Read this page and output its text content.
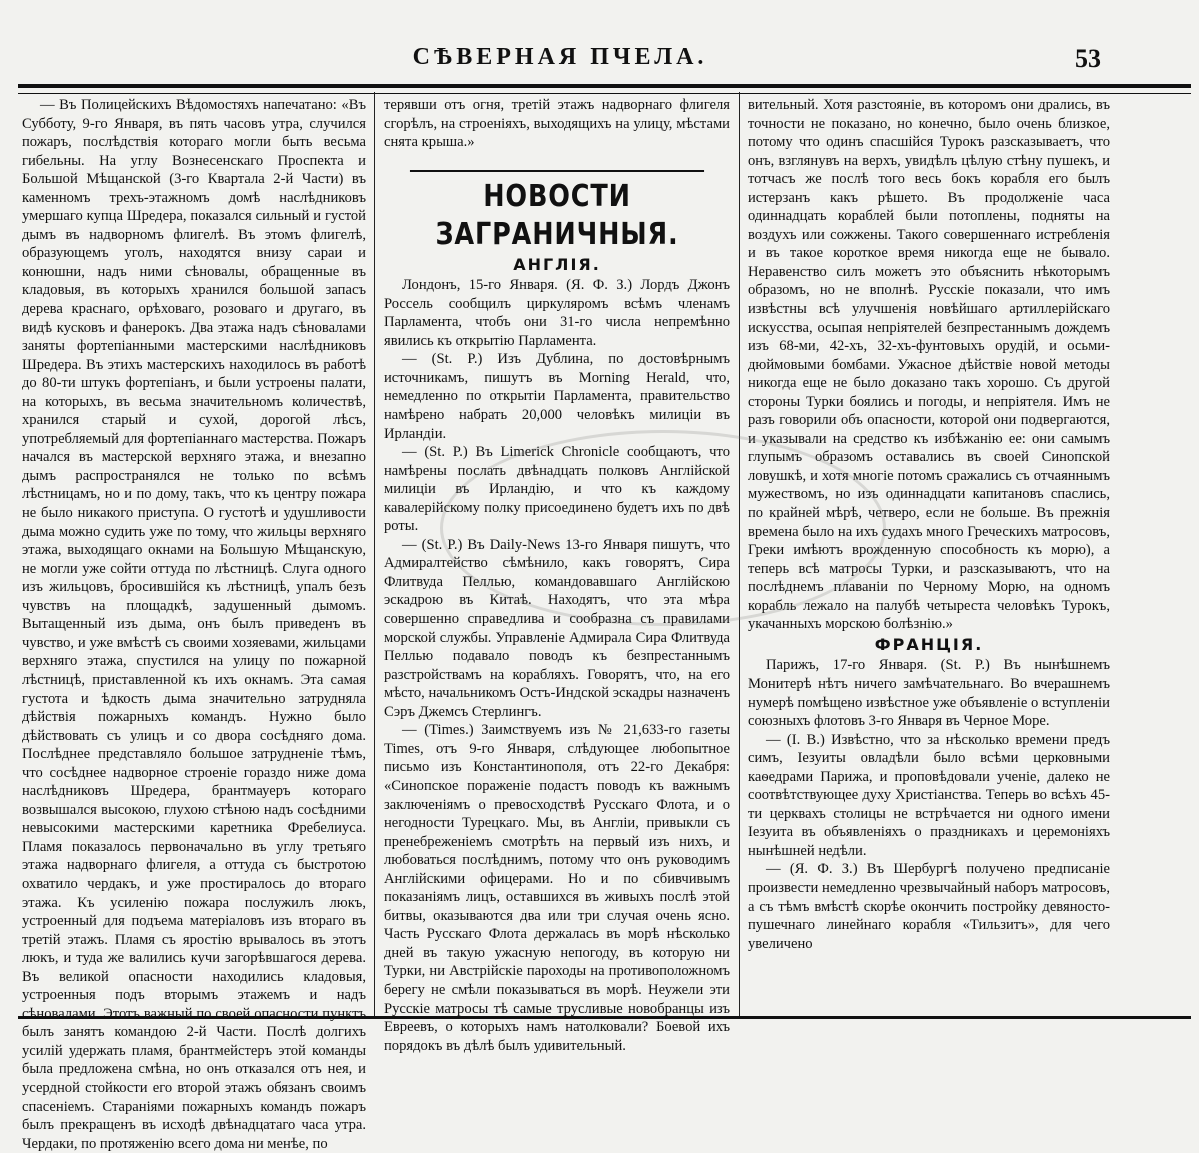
СѢВЕРНАЯ ПЧЕЛА.	53

— Въ Полицейскихъ Вѣдомостяхъ напечатано: «Въ Субботу, 9-го Января, въ пять часовъ утра, случился пожаръ, послѣдствія котораго могли быть весьма гибельны. На углу Вознесенскаго Проспекта и Большой Мѣщанской (3-го Квартала 2-й Части) въ каменномъ трехъ-этажномъ домѣ наслѣдниковъ умершаго купца Шредера, показался сильный и густой дымъ въ надворномъ флигелѣ. Въ этомъ флигелѣ, образующемъ уголъ, находятся внизу сараи и конюшни, надъ ними сѣновалы, обращенные въ кладовыя, въ которыхъ хранился большой запасъ дерева краснаго, орѣховаго, розоваго и другаго, въ видѣ кусковъ и фанерокъ. Два этажа надъ сѣновалами заняты фортепіанными мастерскими наслѣдниковъ Шредера. Въ этихъ мастерскихъ находилось въ работѣ до 80-ти штукъ фортепіанъ, и были устроены палати, на которыхъ, въ весьма значительномъ количествѣ, хранился старый и сухой, дорогой лѣсъ, употребляемый для фортепіаннаго мастерства. Пожаръ начался въ мастерской верхняго этажа, и внезапно дымъ распространялся не только по всѣмъ лѣстницамъ, но и по дому, такъ, что къ центру пожара не было никакого приступа. О густотѣ и удушливости дыма можно судить уже по тому, что жильцы верхняго этажа, выходящаго окнами на Большую Мѣщанскую, не могли уже сойти оттуда по лѣстницѣ. Слуга одного изъ жильцовъ, бросившійся къ лѣстницѣ, упалъ безъ чувствъ на площадкѣ, задушенный дымомъ. Вытащенный изъ дыма, онъ былъ приведенъ въ чувство, и уже вмѣстѣ съ своими хозяевами, жильцами верхняго этажа, спустился на улицу по пожарной лѣстницѣ, приставленной къ ихъ окнамъ. Эта самая густота и ѣдкость дыма значительно затрудняла дѣйствія пожарныхъ командъ. Нужно было дѣйствовать съ улицъ и со двора сосѣдняго дома. Послѣднее представляло большое затрудненіе тѣмъ, что сосѣднее надворное строеніе гораздо ниже дома наслѣдниковъ Шредера, брантмауеръ котораго возвышался высокою, глухою стѣною надъ сосѣдними невысокими мастерскими каретника Фребелиуса. Пламя показалось первоначально въ углу третьяго этажа надворнаго флигеля, а оттуда съ быстротою охватило чердакъ, и уже простиралось до втораго этажа. Къ усиленію пожара послужилъ люкъ, устроенный для подъема матеріаловъ изъ втораго въ третій этажъ. Пламя съ яростію врывалось въ этотъ люкъ, и туда же валились кучи загорѣвшагося дерева. Въ великой опасности находились кладовыя, устроенныя подъ вторымъ этажемъ и надъ сѣновалами. Этотъ важный по своей опасности пунктъ былъ занятъ командою 2-й Части. Послѣ долгихъ усилій удержать пламя, брантмейстеръ этой команды была предложена смѣна, но онъ отказался отъ нея, и усердной стойкости его второй этажъ обязанъ своимъ спасеніемъ. Стараніями пожарныхъ командъ пожаръ былъ прекращенъ въ исходѣ двѣнадцатаго часа утра. Чердаки, по протяженію всего дома ни менѣе, по

терявши отъ огня, третій этажъ надворнаго флигеля сгорѣлъ, на строеніяхъ, выходящихъ на улицу, мѣстами снята крыша.»

НОВОСТИ ЗАГРАНИЧНЫЯ.
АНГЛІЯ.

Лондонъ, 15-го Января. (Я. Ф. З.) Лордъ Джонъ Россель сообщилъ циркуляромъ всѣмъ членамъ Парламента, чтобъ они 31-го числа непремѣнно явились къ открытію Парламента.

— (St. P.) Изъ Дублина, по достовѣрнымъ источникамъ, пишутъ въ Morning Herald, что, немедленно по открытіи Парламента, правительство намѣрено набрать 20,000 человѣкъ милиціи въ Ирландіи.

— (St. P.) Въ Limerick Chronicle сообщаютъ, что намѣрены послать двѣнадцать полковъ Англійской милиціи въ Ирландію, и что къ каждому кавалерійскому полку присоединено будетъ ихъ по двѣ роты.

— (St. P.) Въ Daily-News 13-го Января пишутъ, что Адмиралтейство сѣмѣнило, какъ говорятъ, Сира Флитвуда Пеллью, командовавшаго Англійскою эскадрою въ Китаѣ. Находятъ, что эта мѣра совершенно справедлива и сообразна съ правилами морской службы. Управленіе Адмирала Сира Флитвуда Пеллью подавало поводъ къ безпрестаннымъ разстройствамъ на корабляхъ. Говорятъ, что, на его мѣсто, начальникомъ Остъ-Индской эскадры назначенъ Сэръ Джемсъ Стерлингъ.

— (Times.) Заимствуемъ изъ № 21,633-го газеты Times, отъ 9-го Января, слѣдующее любопытное письмо изъ Константинополя, отъ 22-го Декабря: «Синопское пораженіе подастъ поводъ къ важнымъ заключеніямъ о превосходствѣ Русскаго Флота, и о негодности Турецкаго. Мы, въ Англіи, привыкли съ пренебреженіемъ смотрѣть на первый изъ нихъ, и любоваться послѣднимъ, потому что онъ руководимъ Англійскими офицерами. Но и по сбивчивымъ показаніямъ лицъ, оставшихся въ живыхъ послѣ этой битвы, оказываются два или три случая очень ясно. Часть Русскаго Флота держалась въ морѣ нѣсколько дней въ такую ужасную непогоду, въ которую ни Турки, ни Австрійскіе пароходы на противоположномъ берегу не смѣли показываться въ морѣ. Неужели эти Русскіе матросы тѣ самые трусливые новобранцы изъ Евреевъ, о которыхъ намъ натолковали? Боевой ихъ порядокъ въ дѣлѣ былъ удивительный.

вительный. Хотя разстояніе, въ которомъ они дрались, въ точности не показано, но конечно, было очень близкое, потому что одинъ спасшійся Турокъ разсказываетъ, что онъ, взглянувъ на верхъ, увидѣлъ цѣлую стѣну пушекъ, и тотчасъ же послѣ того весь бокъ корабля его былъ истерзанъ какъ рѣшето. Въ продолженіе часа одиннадцать кораблей были потоплены, подняты на воздухъ или сожжены. Такого совершеннаго истребленія и въ такое короткое время никогда еще не бывало. Неравенство силъ можетъ это объяснить нѣкоторымъ образомъ, но не вполнѣ. Русскіе показали, что имъ извѣстны всѣ улучшенія новѣйшаго артиллерійскаго искусства, осыпая непріятелей безпрестаннымъ дождемъ изъ 68-ми, 42-хъ, 32-хъ-фунтовыхъ орудій, и осьми-дюймовыми бомбами. Ужасное дѣйствіе новой методы никогда еще не было доказано такъ хорошо. Съ другой стороны Турки боялись и погоды, и непріятеля. Имъ не разъ говорили объ опасности, которой они подвергаются, и указывали на средство къ избѣжанію ее: они самымъ глупымъ образомъ оставались въ своей Синопской ловушкѣ, и хотя многіе потомъ сражались съ отчаяннымъ мужествомъ, но изъ одиннадцати капитановъ спаслись, по крайней мѣрѣ, четверо, если не больше. Въ прежнія времена было на ихъ судахъ много Греческихъ матросовъ, Греки имѣютъ врожденную способность къ морю), а теперь всѣ матросы Турки, и разсказываютъ, что на послѣднемъ плаваніи по Черному Морю, на одномъ корабль лежало на палубѣ четыреста человѣкъ Турокъ, укачанныхъ морскою болѣзнію.»

ФРАНЦІЯ.

Парижъ, 17-го Января. (St. P.) Въ нынѣшнемъ Монитерѣ нѣтъ ничего замѣчательнаго. Во вчерашнемъ нумерѣ помѣщено извѣстное уже объявленіе о вступленіи союзныхъ флотовъ 3-го Января въ Черное Море.

— (I. B.) Извѣстно, что за нѣсколько времени предъ симъ, Іезуиты овладѣли было всѣми церковными каѳедрами Парижа, и проповѣдовали ученіе, далеко не соотвѣтствующее духу Христіанства. Теперь во всѣхъ 45-ти церквахъ столицы не встрѣчается ни одного имени Іезуита въ объявленіяхъ о праздникахъ и церемоніяхъ нынѣшней недѣли.

— (Я. Ф. З.) Въ Шербургѣ получено предписаніе произвести немедленно чрезвычайный наборъ матросовъ, а съ тѣмъ вмѣстѣ скорѣе окончить постройку девяносто-пушечнаго линейнаго корабля «Тильзитъ», для чего увеличено
